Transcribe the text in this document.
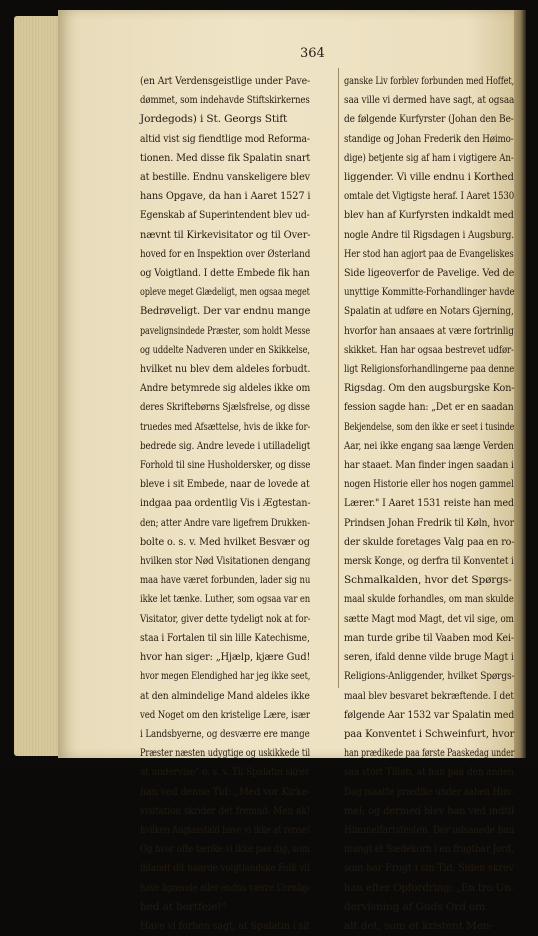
364
(en Art Verdensgeistlige under Pave-
dømmet, som indehavde Stiftskirkernes
Jordegods) i St. Georgs Stift
altid vist sig fiendtlige mod Reforma-
tionen. Med disse fik Spalatin snart
at bestille. Endnu vanskeligere blev
hans Opgave, da han i Aaret 1527 i
Egenskab af Superintendent blev ud-
nævnt til Kirkevisitator og til Over-
hoved for en Inspektion over Østerland
og Voigtland. I dette Embede fik han
opleve meget Glædeligt, men ogsaa meget
Bedrøveligt. Der var endnu mange
pavelignsindede Præster, som holdt Messe
og uddelte Nadveren under en Skikkelse,
hvilket nu blev dem aldeles forbudt.
Andre betymrede sig aldeles ikke om
deres Skriftebørns Sjælsfrelse, og disse
truedes med Afsættelse, hvis de ikke for-
bedrede sig. Andre levede i utilladeligt
Forhold til sine Husholdersker, og disse
bleve i sit Embede, naar de lovede at
indgaa paa ordentlig Vis i Ægtestan-
den; atter Andre vare ligefrem Drukken-
bolte o. s. v. Med hvilket Besvær og
hvilken stor Nød Visitationen dengang
maa have været forbunden, lader sig nu
ikke let tænke. Luther, som ogsaa var en
Visitator, giver dette tydeligt nok at for-
staa i Fortalen til sin lille Katechisme,
hvor han siger: „Hjælp, kjære Gud!
hvor megen Elendighed har jeg ikke seet,
at den almindelige Mand aldeles ikke
ved Noget om den kristelige Lære, især
i Landsbyerne, og desværre ere mange
Præster næsten udygtige og uskikkede til
at undervise" o. s. v. Til Spalatin skrev
han ved denne Tid: „Med vor Kirke-
visitation skrider det fremad. Men ak!
hvilken Augiasstald have vi ikke at rense!
Og hvor ofte tænke vi ikke paa dig, som
iblandt dit haarde voigtlandske Folk vil
have lignende eller endnu værre Urenlig-
hed at bortfeie!"
Have vi forhen sagt, at Spalatin i sit
ganske Liv forblev forbunden med Hoffet,
saa ville vi dermed have sagt, at ogsaa
de følgende Kurfyrster (Johan den Be-
standige og Johan Frederik den Høimo-
dige) betjente sig af ham i vigtigere An-
liggender. Vi ville endnu i Korthed
omtale det Vigtigste heraf. I Aaret 1530
blev han af Kurfyrsten indkaldt med
nogle Andre til Rigsdagen i Augsburg.
Her stod han agjort paa de Evangeliskes
Side ligeoverfor de Paveligе. Ved de
unyttige Kommitte-Forhandlinger havde
Spalatin at udføre en Notars Gjerning,
hvorfor han ansaaes at være fortrinlig
skikket. Han har ogsaa bestrevet udfør-
ligt Religionsforhandlingerne paa denne
Rigsdag. Om den augsburgske Kon-
fession sagde han: „Det er en saadan
Bekjendelse, som den ikke er seet i tusinde
Aar, nei ikke engang saa længe Verden
har staaet. Man finder ingen saadan i
nogen Historie eller hos nogen gammel
Lærer." I Aaret 1531 reiste han med
Prindsen Johan Fredrik til Køln, hvor
der skulde foretages Valg paa en ro-
mersk Konge, og derfra til Konventet i
Schmalkalden, hvor det Spørgs-
maal skulde forhandles, om man skulde
sætte Magt mod Magt, det vil sige, om
man turde gribe til Vaaben mod Kei-
seren, ifald denne vilde bruge Magt i
Religions-Anliggender, hvilket Spørgs-
maal blev besvaret bekræftende. I det
følgende Aar 1532 var Spalatin med
paa Konventet i Schweinfurt, hvor
han prædikede paa første Paaskedag under
saa stort Tilløb, at han paa den anden
Dag maatte prædike under aaben Him-
mel; og dermed blev han ved indtil
Himmelfartsfesten. Der udsaaede han
mangt et Sædekorn i en frugtbar Jord,
som bar Frugt i sin Tid. Siden skrev
han efter Opfordring: „En tro Un-
dervisning af Guds Ord om
alt det, som et kristent Men-
